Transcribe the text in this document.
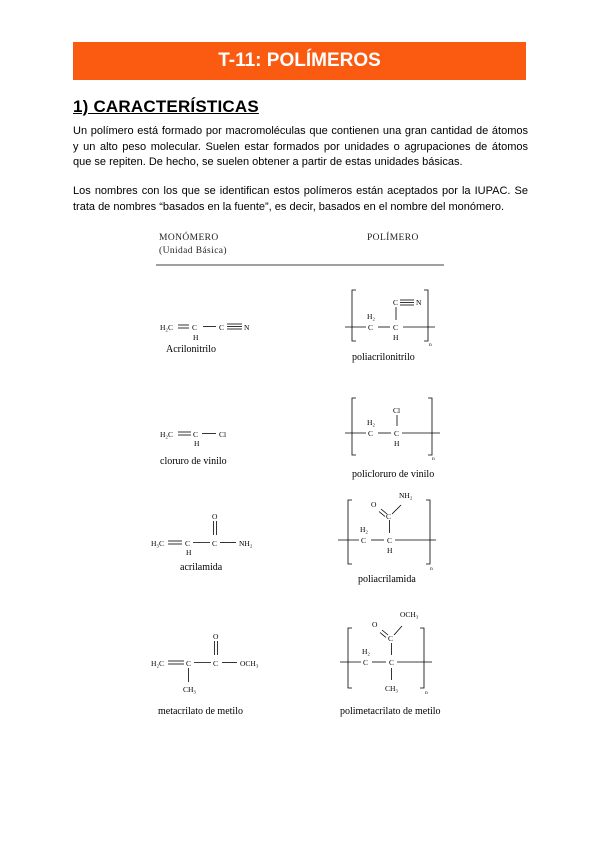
T-11: POLÍMEROS
1) CARACTERÍSTICAS
Un polímero está formado por macromoléculas que contienen una gran cantidad de átomos y un alto peso molecular. Suelen estar formados por unidades o agrupaciones de átomos que se repiten. De hecho, se suelen obtener a partir de estas unidades básicas.
Los nombres con los que se identifican estos polímeros están aceptados por la IUPAC. Se trata de nombres “basados en la fuente”, es decir, basados en el nombre del monómero.
MONÓMERO
(Unidad Básica)
POLÍMERO
H₂C	C
H
C	N
H₂
C	C
H
C N
n
Acrilonitrilo
poliacrilonitrilo
H₂C	C
H
Cl
H₂
C	C
H
Cl
n
cloruro de vinilo
policloruro de vinilo
H₃C	C
H
C
O
NH₂
H₂
C	C
H
C
O
NH₂
n
acrilamida
poliacrilamida
H₂C	C	C
O
OCH₃
CH₃
H₂
C	C
C
O
OCH₃
CH₃	n
metacrilato de metilo	polimetacrilato de metilo
